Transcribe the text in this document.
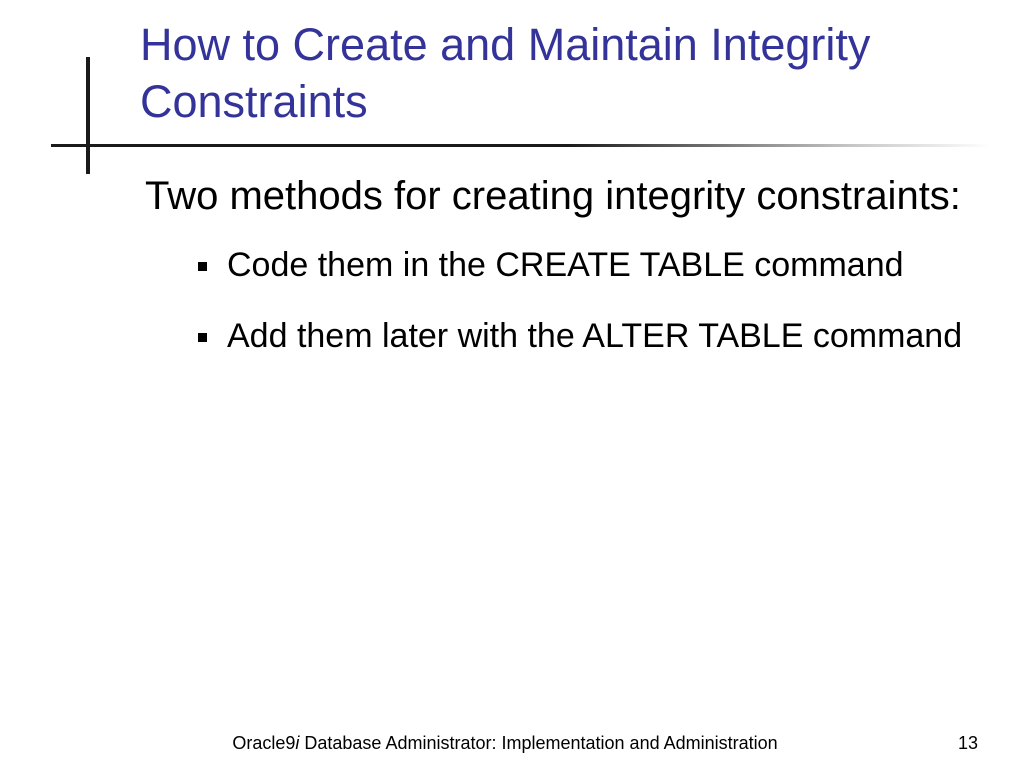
How to Create and Maintain Integrity Constraints

Two methods for creating integrity constraints:

Code them in the CREATE TABLE command
Add them later with the ALTER TABLE command
Oracle9i Database Administrator: Implementation and Administration	13
